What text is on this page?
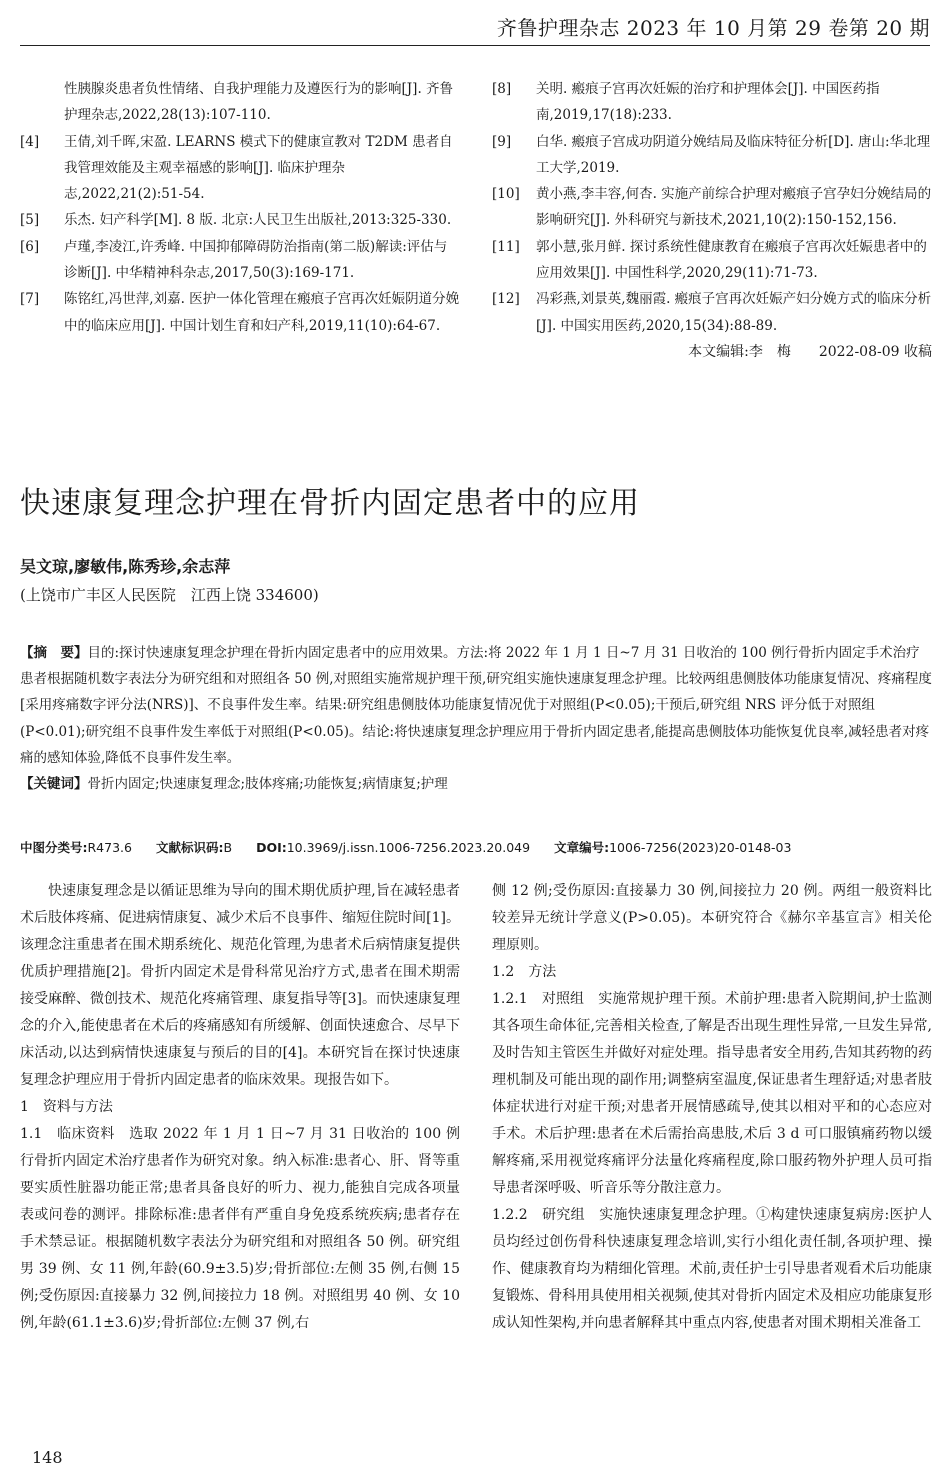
齐鲁护理杂志 2023 年 10 月第 29 卷第 20 期
性胰腺炎患者负性情绪、自我护理能力及遵医行为的影响[J]. 齐鲁护理杂志,2022,28(13):107-110.
[4]	王倩,刘千晖,宋盈. LEARNS 模式下的健康宣教对 T2DM 患者自我管理效能及主观幸福感的影响[J]. 临床护理杂志,2022,21(2):51-54.
[5]	乐杰. 妇产科学[M]. 8 版. 北京:人民卫生出版社,2013:325-330.
[6]	卢瑾,李凌江,许秀峰. 中国抑郁障碍防治指南(第二版)解读:评估与诊断[J]. 中华精神科杂志,2017,50(3):169-171.
[7]	陈铭红,冯世萍,刘嘉. 医护一体化管理在瘢痕子宫再次妊娠阴道分娩中的临床应用[J]. 中国计划生育和妇产科,2019,11(10):64-67.
[8]	关明. 瘢痕子宫再次妊娠的治疗和护理体会[J]. 中国医药指南,2019,17(18):233.
[9]	白华. 瘢痕子宫成功阴道分娩结局及临床特征分析[D]. 唐山:华北理工大学,2019.
[10]	黄小燕,李丰容,何杏. 实施产前综合护理对瘢痕子宫孕妇分娩结局的影响研究[J]. 外科研究与新技术,2021,10(2):150-152,156.
[11]	郭小慧,张月鲜. 探讨系统性健康教育在瘢痕子宫再次妊娠患者中的应用效果[J]. 中国性科学,2020,29(11):71-73.
[12]	冯彩燕,刘景英,魏丽霞. 瘢痕子宫再次妊娠产妇分娩方式的临床分析[J]. 中国实用医药,2020,15(34):88-89.
本文编辑:李　梅　　2022-08-09 收稿
快速康复理念护理在骨折内固定患者中的应用
吴文琼,廖敏伟,陈秀珍,余志萍
(上饶市广丰区人民医院　江西上饶 334600)
【摘　要】目的:探讨快速康复理念护理在骨折内固定患者中的应用效果。方法:将 2022 年 1 月 1 日~7 月 31 日收治的 100 例行骨折内固定手术治疗患者根据随机数字表法分为研究组和对照组各 50 例,对照组实施常规护理干预,研究组实施快速康复理念护理。比较两组患侧肢体功能康复情况、疼痛程度[采用疼痛数字评分法(NRS)]、不良事件发生率。结果:研究组患侧肢体功能康复情况优于对照组(P<0.05);干预后,研究组 NRS 评分低于对照组(P<0.01);研究组不良事件发生率低于对照组(P<0.05)。结论:将快速康复理念护理应用于骨折内固定患者,能提高患侧肢体功能恢复优良率,减轻患者对疼痛的感知体验,降低不良事件发生率。
【关键词】骨折内固定;快速康复理念;肢体疼痛;功能恢复;病情康复;护理
中图分类号:R473.6 文献标识码:B DOI:10.3969/j.issn.1006-7256.2023.20.049 文章编号:1006-7256(2023)20-0148-03

快速康复理念是以循证思维为导向的围术期优质护理,旨在减轻患者术后肢体疼痛、促进病情康复、减少术后不良事件、缩短住院时间[1]。该理念注重患者在围术期系统化、规范化管理,为患者术后病情康复提供优质护理措施[2]。骨折内固定术是骨科常见治疗方式,患者在围术期需接受麻醉、微创技术、规范化疼痛管理、康复指导等[3]。而快速康复理念的介入,能使患者在术后的疼痛感知有所缓解、创面快速愈合、尽早下床活动,以达到病情快速康复与预后的目的[4]。本研究旨在探讨快速康复理念护理应用于骨折内固定患者的临床效果。现报告如下。

1　资料与方法

1.1　临床资料　选取 2022 年 1 月 1 日~7 月 31 日收治的 100 例行骨折内固定术治疗患者作为研究对象。纳入标准:患者心、肝、肾等重要实质性脏器功能正常;患者具备良好的听力、视力,能独自完成各项量表或问卷的测评。排除标准:患者伴有严重自身免疫系统疾病;患者存在手术禁忌证。根据随机数字表法分为研究组和对照组各 50 例。研究组男 39 例、女 11 例,年龄(60.9±3.5)岁;骨折部位:左侧 35 例,右侧 15 例;受伤原因:直接暴力 32 例,间接拉力 18 例。对照组男 40 例、女 10 例,年龄(61.1±3.6)岁;骨折部位:左侧 37 例,右

侧 12 例;受伤原因:直接暴力 30 例,间接拉力 20 例。两组一般资料比较差异无统计学意义(P>0.05)。本研究符合《赫尔辛基宣言》相关伦理原则。

1.2　方法

1.2.1　对照组　实施常规护理干预。术前护理:患者入院期间,护士监测其各项生命体征,完善相关检查,了解是否出现生理性异常,一旦发生异常,及时告知主管医生并做好对症处理。指导患者安全用药,告知其药物的药理机制及可能出现的副作用;调整病室温度,保证患者生理舒适;对患者肢体症状进行对症干预;对患者开展情感疏导,使其以相对平和的心态应对手术。术后护理:患者在术后需抬高患肢,术后 3 d 可口服镇痛药物以缓解疼痛,采用视觉疼痛评分法量化疼痛程度,除口服药物外护理人员可指导患者深呼吸、听音乐等分散注意力。

1.2.2　研究组　实施快速康复理念护理。①构建快速康复病房:医护人员均经过创伤骨科快速康复理念培训,实行小组化责任制,各项护理、操作、健康教育均为精细化管理。术前,责任护士引导患者观看术后功能康复锻炼、骨科用具使用相关视频,使其对骨折内固定术及相应功能康复形成认知性架构,并向患者解释其中重点内容,使患者对围术期相关准备工

148
